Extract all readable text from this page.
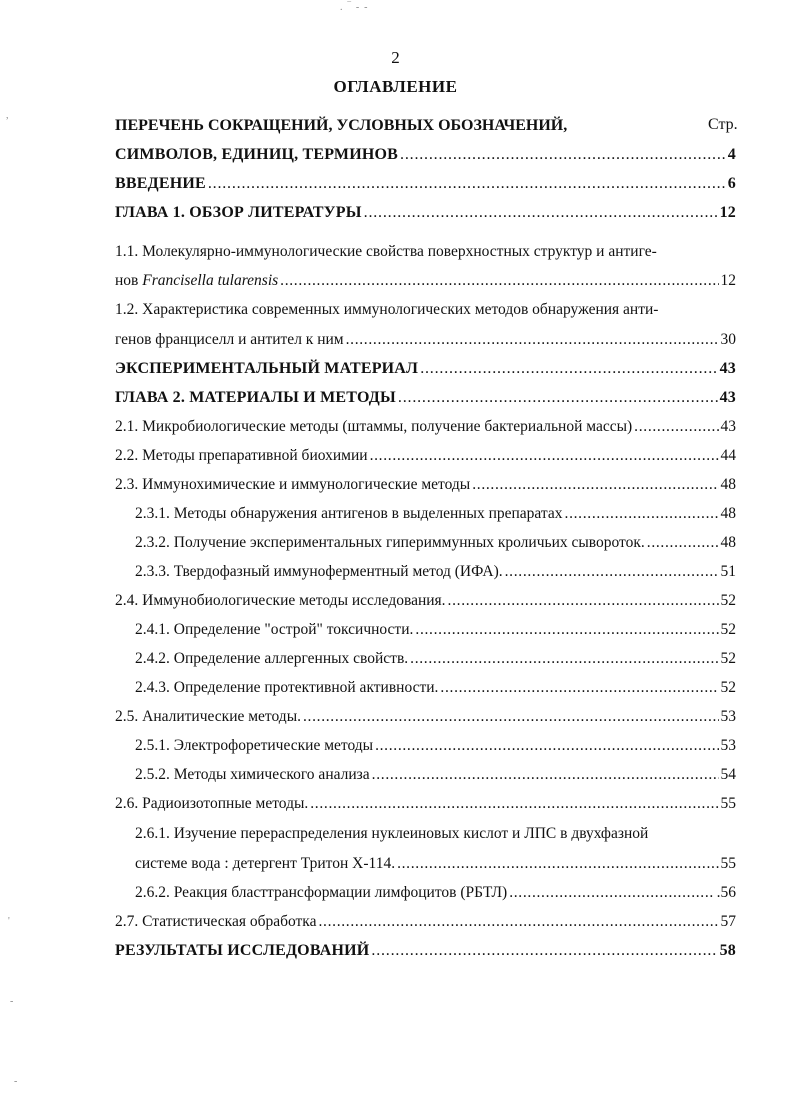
.  ‾  -  -
,
'
-
-
2
ОГЛАВЛЕНИЕ
Стр.
ПЕРЕЧЕНЬ СОКРАЩЕНИЙ, УСЛОВНЫХ ОБОЗНАЧЕНИЙ,
СИМВОЛОВ, ЕДИНИЦ, ТЕРМИНОВ . . .	4
ВВЕДЕНИЕ . . .	6
ГЛАВА 1. ОБЗОР ЛИТЕРАТУРЫ . . .	12
1.1. Молекулярно-иммунологические свойства поверхностных структур и антиге-
нов Francisella tularensis . . .	12
1.2. Характеристика современных иммунологических методов обнаружения анти-
генов франциселл и антител к ним . . .	30
ЭКСПЕРИМЕНТАЛЬНЫЙ МАТЕРИАЛ . . .	43
ГЛАВА 2. МАТЕРИАЛЫ И МЕТОДЫ . . .	43
2.1. Микробиологические методы (штаммы, получение бактериальной массы) . . .	43
2.2. Методы препаративной биохимии . . .	44
2.3. Иммунохимические и иммунологические методы . . .	48
2.3.1. Методы обнаружения антигенов в выделенных препаратах . . .	48
2.3.2. Получение экспериментальных гипериммунных кроличьих сывороток. . . .	48
2.3.3. Твердофазный иммуноферментный метод (ИФА). . . .	51
2.4. Иммунобиологические методы исследования. . . .	52
2.4.1. Определение "острой" токсичности. . . .	52
2.4.2. Определение аллергенных свойств. . . .	52
2.4.3. Определение протективной активности. . . .	52
2.5. Аналитические методы. . . .	53
2.5.1. Электрофоретические методы . . .	53
2.5.2. Методы химического анализа . . .	54
2.6. Радиоизотопные методы. . . .	55
2.6.1. Изучение перераспределения нуклеиновых кислот и ЛПС в двухфазной
системе вода : детергент Тритон Х-114. . . .	55
2.6.2. Реакция бласттрансформации лимфоцитов (РБТЛ) . . .	.56
2.7. Статистическая обработка . . .	57
РЕЗУЛЬТАТЫ ИССЛЕДОВАНИЙ . . .	58
